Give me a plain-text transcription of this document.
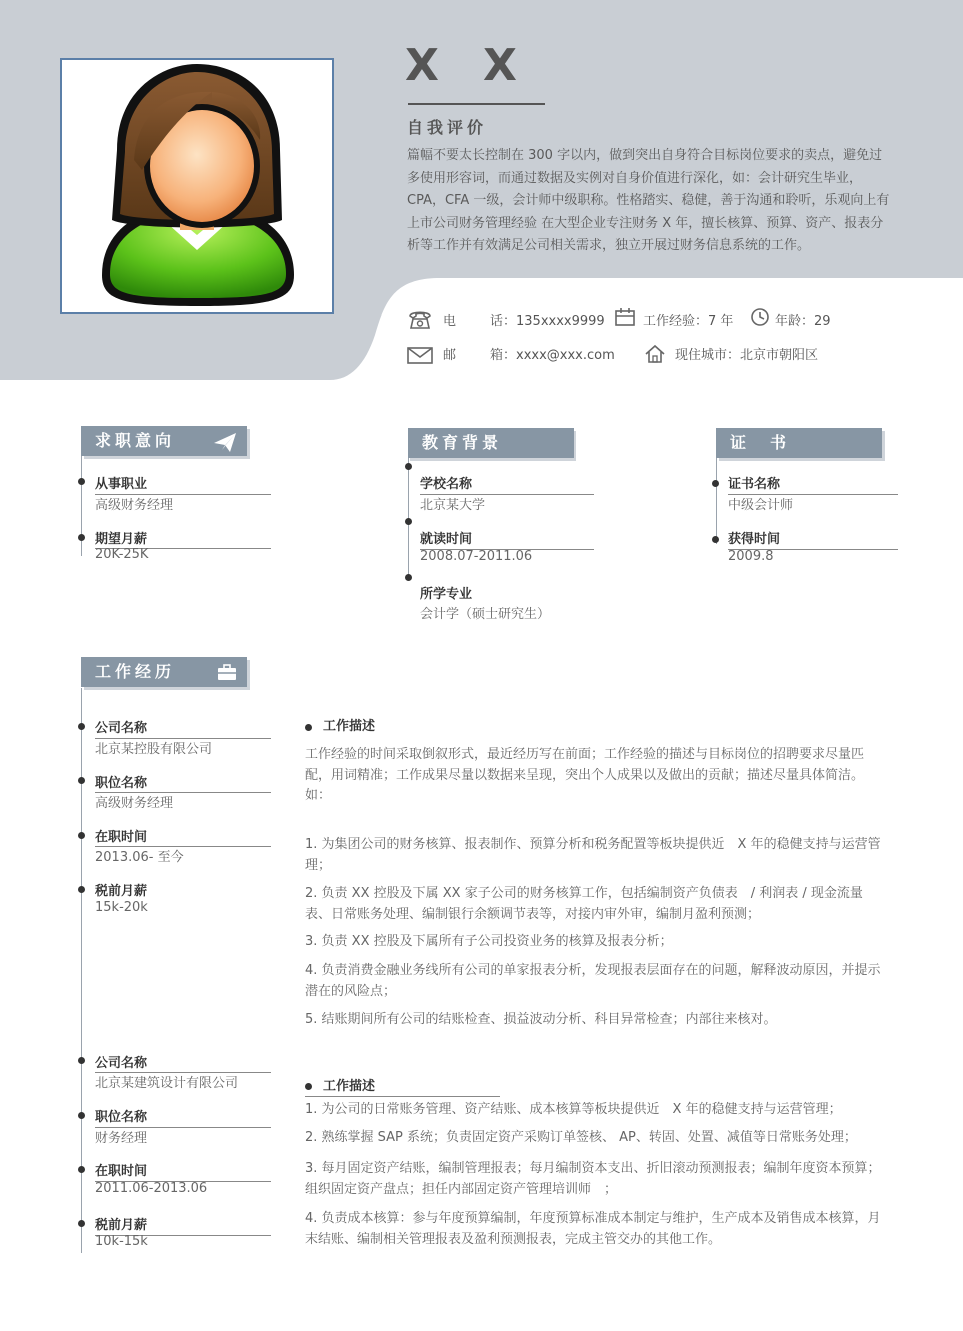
X X
自我评价
篇幅不要太长控制在 300 字以内，做到突出自身符合目标岗位要求的卖点，避免过多使用形容词，而通过数据及实例对自身价值进行深化，如：会计研究生毕业，CPA，CFA 一级，会计师中级职称。性格踏实、稳健，善于沟通和聆听，乐观向上有上市公司财务管理经验 在大型企业专注财务 X 年，擅长核算、预算、资产、报表分析等工作并有效满足公司相关需求，独立开展过财务信息系统的工作。
电	话：135xxxx9999	工作经验：7 年	年龄：29
邮	箱：xxxx@xxx.com	现住城市：北京市朝阳区
求职意向
从事职业
高级财务经理
期望月薪
20K-25K
教育背景
学校名称
北京某大学
就读时间
2008.07-2011.06
所学专业
会计学（硕士研究生）
证　书
证书名称
中级会计师
获得时间
2009.8
工作经历
公司名称
北京某控股有限公司
职位名称
高级财务经理
在职时间
2013.06- 至今
税前月薪
15k-20k
工作描述
工作经验的时间采取倒叙形式，最近经历写在前面；工作经验的描述与目标岗位的招聘要求尽量匹配，用词精准；工作成果尽量以数据来呈现，突出个人成果以及做出的贡献；描述尽量具体简洁。如：
1. 为集团公司的财务核算、报表制作、预算分析和税务配置等板块提供近　X 年的稳健支持与运营管理；
2. 负责 XX 控股及下属 XX 家子公司的财务核算工作，包括编制资产负债表　/ 利润表 / 现金流量表、日常账务处理、编制银行余额调节表等，对接内审外审，编制月盈利预测；
3. 负责 XX 控股及下属所有子公司投资业务的核算及报表分析；
4. 负责消费金融业务线所有公司的单家报表分析，发现报表层面存在的问题，解释波动原因，并提示潜在的风险点；
5. 结账期间所有公司的结账检查、损益波动分析、科目异常检查；内部往来核对。
公司名称
北京某建筑设计有限公司
职位名称
财务经理
在职时间
2011.06-2013.06
税前月薪
10k-15k
工作描述
1. 为公司的日常账务管理、资产结账、成本核算等板块提供近　X 年的稳健支持与运营管理；
2. 熟练掌握 SAP 系统；负责固定资产采购订单签核、 AP、转固、处置、减值等日常账务处理；
3. 每月固定资产结账，编制管理报表；每月编制资本支出、折旧滚动预测报表；编制年度资本预算；组织固定资产盘点；担任内部固定资产管理培训师　；
4. 负责成本核算：参与年度预算编制，年度预算标准成本制定与维护，生产成本及销售成本核算，月末结账、编制相关管理报表及盈利预测报表，完成主管交办的其他工作。
